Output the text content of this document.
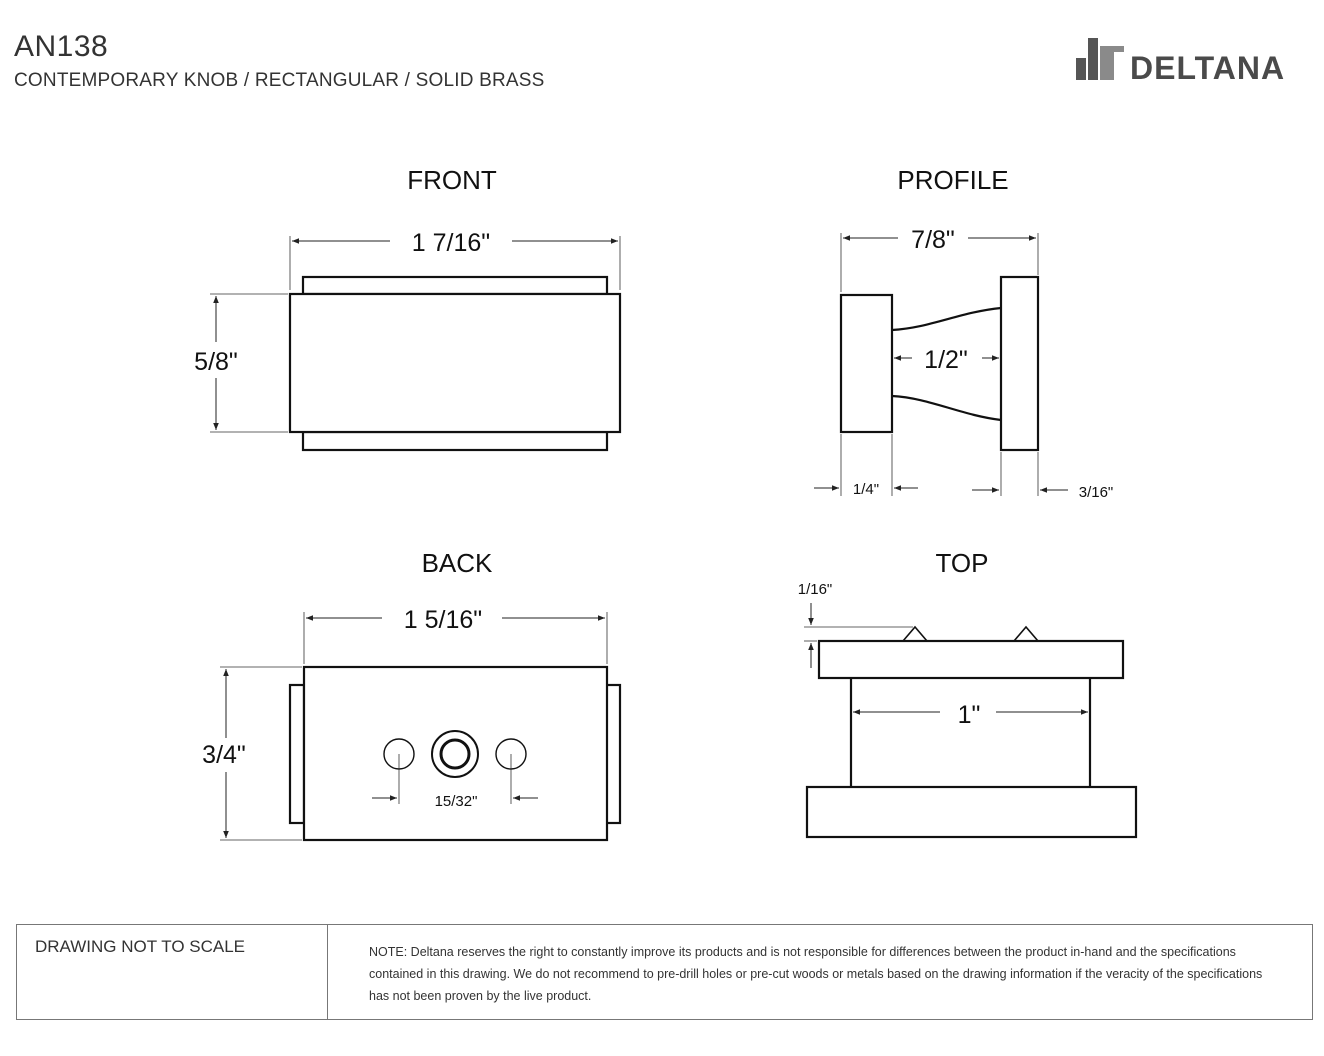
AN138
CONTEMPORARY KNOB / RECTANGULAR / SOLID BRASS	DELTANA
FRONT
1 7/16"
5/8"
PROFILE
7/8"
1/2"
1/4"	3/16"
BACK
1 5/16"
3/4"
15/32"
TOP
1"
1/16"
DRAWING NOT TO SCALE	NOTE: Deltana reserves the right to constantly improve its products and is not responsible for differences between the product in-hand and the specifications contained in this drawing. We do not recommend to pre-drill holes or pre-cut woods or metals based on the drawing information if the veracity of the specifications has not been proven by the live product.
